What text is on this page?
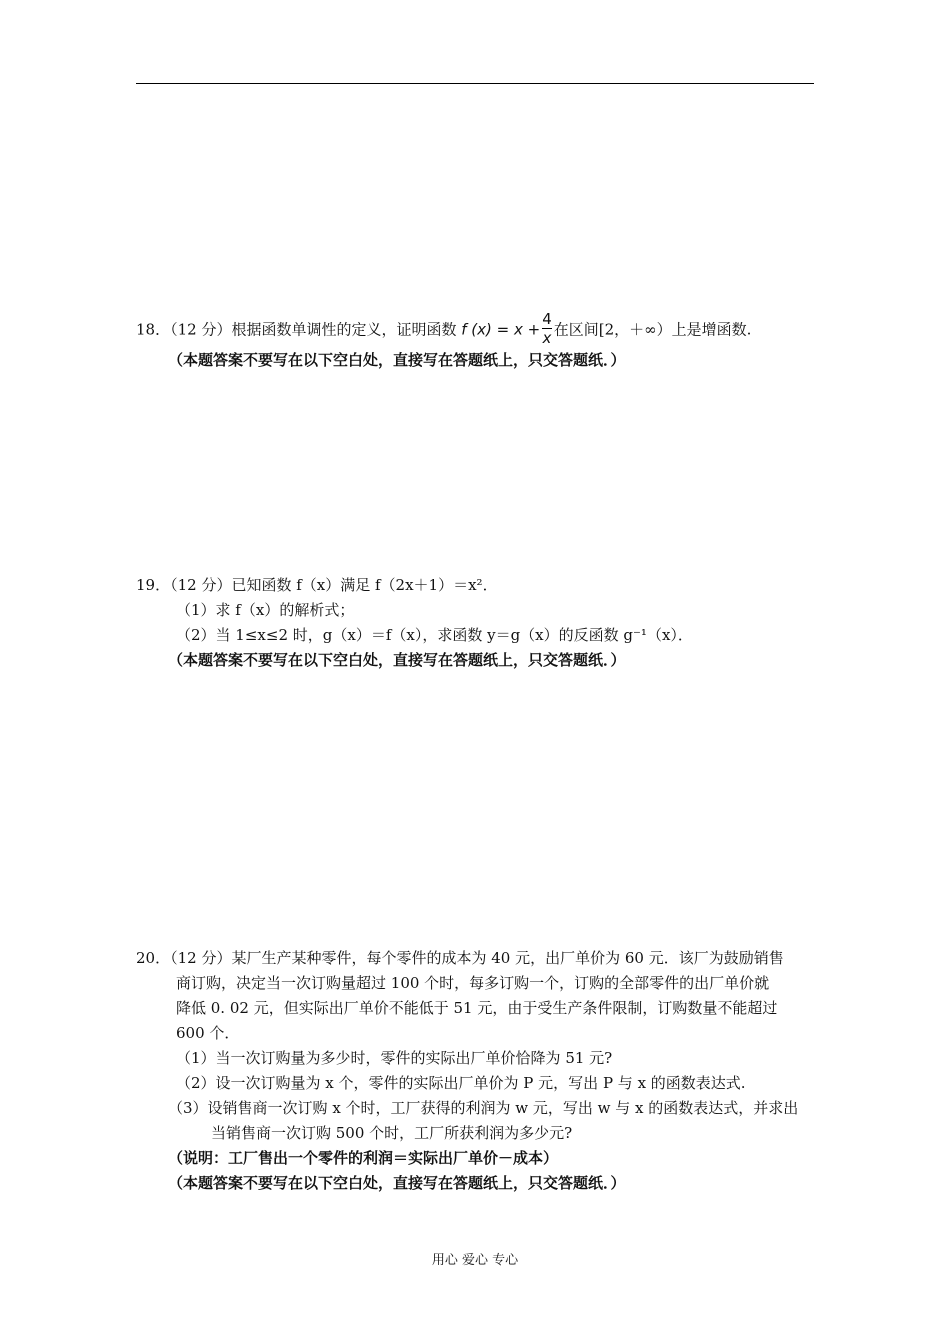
18．（12 分）根据函数单调性的定义，证明函数 f $(x) = x + \frac{4}{x}$ 在区间[2，＋∞）上是增函数.
（本题答案不要写在以下空白处，直接写在答题纸上，只交答题纸．）
19．（12 分）已知函数 f（x）满足 f（2x＋1）＝x²．
（1）求 f（x）的解析式；
（2）当 1≤x≤2 时，g（x）＝f（x），求函数 y＝g（x）的反函数 g⁻¹（x）．
（本题答案不要写在以下空白处，直接写在答题纸上，只交答题纸．）
20．（12 分）某厂生产某种零件，每个零件的成本为 40 元，出厂单价为 60 元．该厂为鼓励销售
商订购，决定当一次订购量超过 100 个时，每多订购一个，订购的全部零件的出厂单价就
降低 0. 02 元，但实际出厂单价不能低于 51 元，由于受生产条件限制，订购数量不能超过
600 个．
（1）当一次订购量为多少时，零件的实际出厂单价恰降为 51 元?
（2）设一次订购量为 x 个，零件的实际出厂单价为 P 元，写出 P 与 x 的函数表达式.
（3）设销售商一次订购 x 个时，工厂获得的利润为 w 元，写出 w 与 x 的函数表达式，并求出
当销售商一次订购 500 个时，工厂所获利润为多少元?
（说明：工厂售出一个零件的利润＝实际出厂单价－成本）
（本题答案不要写在以下空白处，直接写在答题纸上，只交答题纸．）
用心 爱心 专心
